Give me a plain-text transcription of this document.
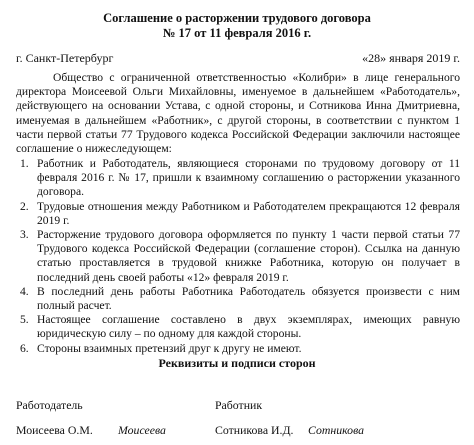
Соглашение о расторжении трудового договора
№ 17 от 11 февраля 2016 г.
г. Санкт-Петербург	«28» января 2019 г.
Общество с ограниченной ответственностью «Колибри» в лице генерального директора Моисеевой Ольги Михайловны, именуемое в дальнейшем «Работодатель», действующего на основании Устава, с одной стороны, и Сотникова Инна Дмитриевна, именуемая в дальнейшем «Работник», с другой стороны, в соответствии с пунктом 1 части первой статьи 77 Трудового кодекса Российской Федерации заключили настоящее соглашение о нижеследующем:
1. Работник и Работодатель, являющиеся сторонами по трудовому договору от 11 февраля 2016 г. № 17, пришли к взаимному соглашению о расторжении указанного договора.
2. Трудовые отношения между Работником и Работодателем прекращаются 12 февраля 2019 г.
3. Расторжение трудового договора оформляется по пункту 1 части первой статьи 77 Трудового кодекса Российской Федерации (соглашение сторон). Ссылка на данную статью проставляется в трудовой книжке Работника, которую он получает в последний день своей работы «12» февраля 2019 г.
4. В последний день работы Работника Работодатель обязуется произвести с ним полный расчет.
5. Настоящее соглашение составлено в двух экземплярах, имеющих равную юридическую силу – по одному для каждой стороны.
6. Стороны взаимных претензий друг к другу не имеют.
Реквизиты и подписи сторон
Работодатель	Работник
Моисеева О.М. Моисеева	Сотникова И.Д. Сотникова
